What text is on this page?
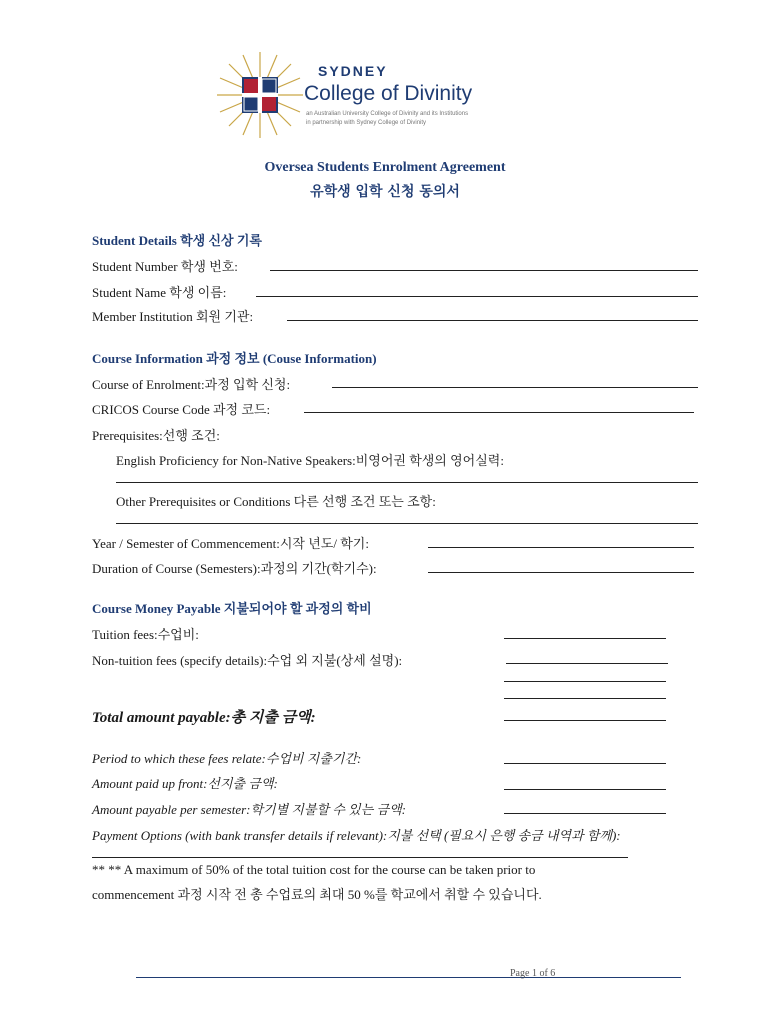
SYDNEY
College of Divinity
an Australian University College of Divinity and its Institutions
in partnership with Sydney College of Divinity
Oversea Students Enrolment Agreement
유학생 입학 신청 동의서
Student Details 학생 신상 기록
Student Number 학생 번호:
Student Name 학생 이름:
Member Institution 회원 기관:
Course Information 과정 정보 (Couse Information)
Course of Enrolment:과정 입학 신청:
CRICOS Course Code 과정 코드:
Prerequisites:선행 조건:
English Proficiency for Non-Native Speakers:비영어권 학생의 영어실력:
Other Prerequisites or Conditions 다른 선행 조건 또는 조항:
Year / Semester of Commencement:시작 년도/ 학기:
Duration of Course (Semesters):과정의 기간(학기수):
Course Money Payable 지불되어야 할 과정의 학비
Tuition fees:수업비:
Non-tuition fees (specify details):수업 외 지불(상세 설명):
Total amount payable:총 지출 금액:
Period to which these fees relate:수업비 지출기간:
Amount paid up front:선지출 금액:
Amount payable per semester:학기별 지불할 수 있는 금액:
Payment Options (with bank transfer details if relevant):지불 선택 (필요시 은행 송금 내역과 함께):
** ** A maximum of 50% of the total tuition cost for the course can be taken prior to
commencement 과정 시작 전 총 수업료의 최대 50 %를 학교에서 취할 수 있습니다.
Page 1 of 6
